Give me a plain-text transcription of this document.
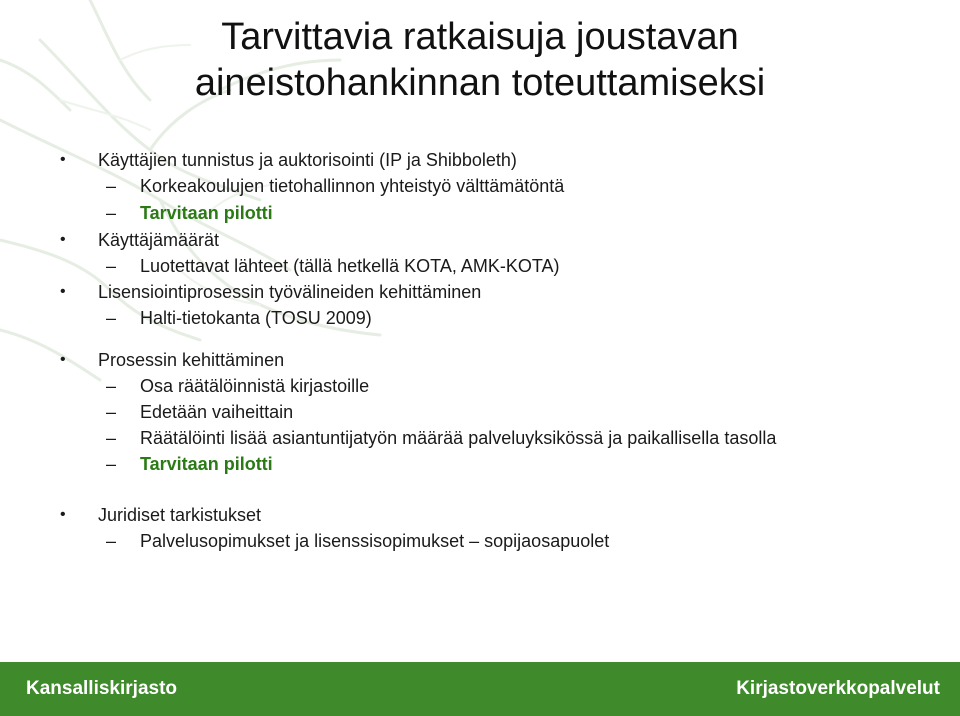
Tarvittavia ratkaisuja joustavan
aineistohankinnan toteuttamiseksi
• Käyttäjien tunnistus ja auktorisointi (IP ja Shibboleth)
– Korkeakoulujen tietohallinnon yhteistyö välttämätöntä
– Tarvitaan pilotti
• Käyttäjämäärät
– Luotettavat lähteet (tällä hetkellä KOTA, AMK-KOTA)
• Lisensiointiprosessin työvälineiden kehittäminen
– Halti-tietokanta (TOSU 2009)
• Prosessin kehittäminen
– Osa räätälöinnistä kirjastoille
– Edetään vaiheittain
– Räätälöinti lisää asiantuntijatyön määrää palveluyksikössä ja paikallisella tasolla
– Tarvitaan pilotti
• Juridiset tarkistukset
– Palvelusopimukset ja lisenssisopimukset – sopijaosapuolet
Kansalliskirjasto	Kirjastoverkkopalvelut
